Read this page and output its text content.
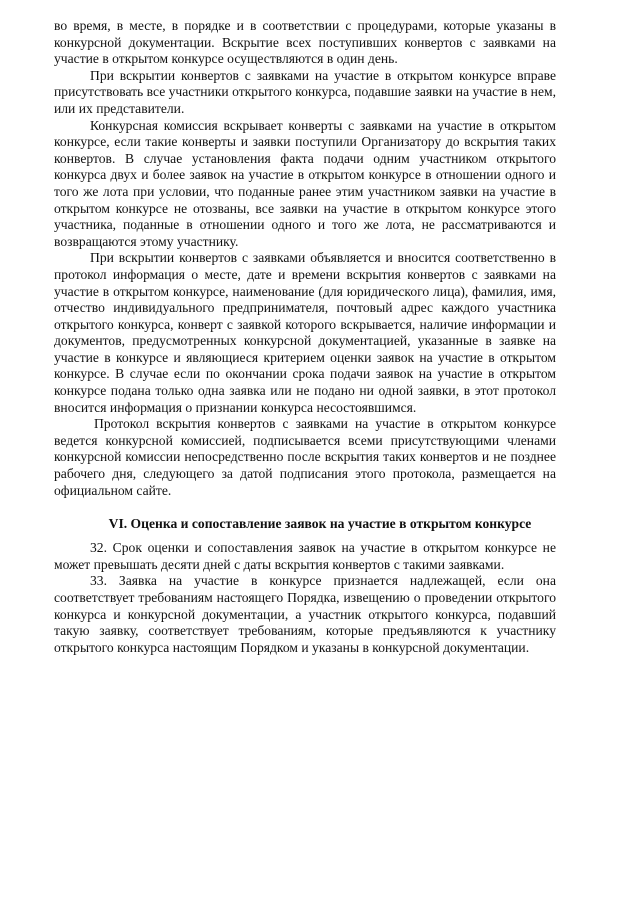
во время, в месте, в порядке и в соответствии с процедурами, которые указаны в конкурсной документации. Вскрытие всех поступивших конвертов с заявками на участие в открытом конкурсе осуществляются в один день.

При вскрытии конвертов с заявками на участие в открытом конкурсе вправе присутствовать все участники открытого конкурса, подавшие заявки на участие в нем, или их представители.

Конкурсная комиссия вскрывает конверты с заявками на участие в открытом конкурсе, если такие конверты и заявки поступили Организатору до вскрытия таких конвертов. В случае установления факта подачи одним участником открытого конкурса двух и более заявок на участие в открытом конкурсе в отношении одного и того же лота при условии, что поданные ранее этим участником заявки на участие в открытом конкурсе не отозваны, все заявки на участие в открытом конкурсе этого участника, поданные в отношении одного и того же лота, не рассматриваются и возвращаются этому участнику.

При вскрытии конвертов с заявками объявляется и вносится соответственно в протокол информация о месте, дате и времени вскрытия конвертов с заявками на участие в открытом конкурсе, наименование (для юридического лица), фамилия, имя, отчество индивидуального предпринимателя, почтовый адрес каждого участника открытого конкурса, конверт с заявкой которого вскрывается, наличие информации и документов, предусмотренных конкурсной документацией, указанные в заявке на участие в конкурсе и являющиеся критерием оценки заявок на участие в открытом конкурсе. В случае если по окончании срока подачи заявок на участие в открытом конкурсе подана только одна заявка или не подано ни одной заявки, в этот протокол вносится информация о признании конкурса несостоявшимся.

Протокол вскрытия конвертов с заявками на участие в открытом конкурсе ведется конкурсной комиссией, подписывается всеми присутствующими членами конкурсной комиссии непосредственно после вскрытия таких конвертов и не позднее рабочего дня, следующего за датой подписания этого протокола, размещается на официальном сайте.

VI. Оценка и сопоставление заявок на участие в открытом конкурсе

32. Срок оценки и сопоставления заявок на участие в открытом конкурсе не может превышать десяти дней с даты вскрытия конвертов с такими заявками.

33. Заявка на участие в конкурсе признается надлежащей, если она соответствует требованиям настоящего Порядка, извещению о проведении открытого конкурса и конкурсной документации, а участник открытого конкурса, подавший такую заявку, соответствует требованиям, которые предъявляются к участнику открытого конкурса настоящим Порядком и указаны в конкурсной документации.
